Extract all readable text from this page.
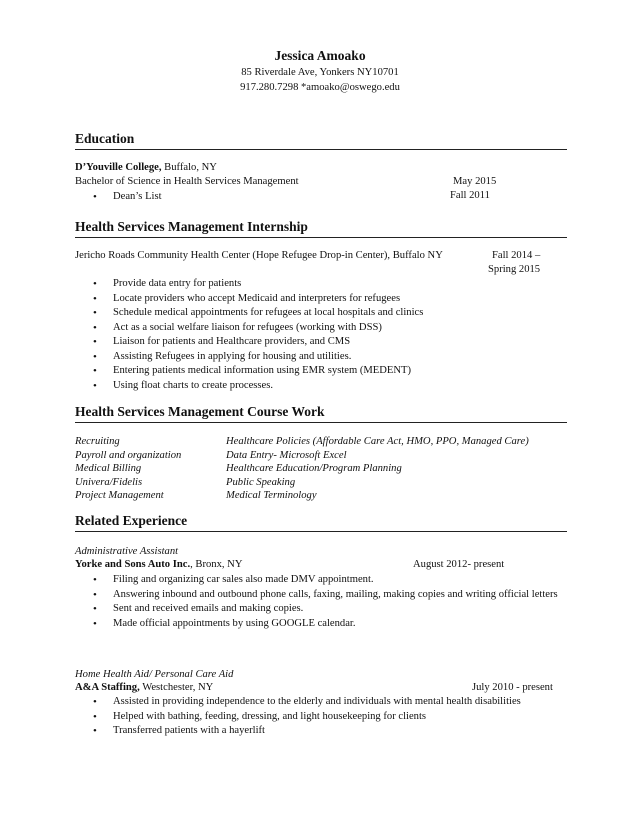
Jessica Amoako
85 Riverdale Ave, Yonkers NY10701
917.280.7298 *amoako@oswego.edu
Education
D’Youville College, Buffalo, NY
Bachelor of Science in Health Services Management	May 2015
• Dean’s List	Fall 2011
Health Services Management Internship
Jericho Roads Community Health Center (Hope Refugee Drop-in Center), Buffalo NY	Fall 2014 –
Spring 2015
• Provide data entry for patients
• Locate providers who accept Medicaid and interpreters for refugees
• Schedule medical appointments for refugees at local hospitals and clinics
• Act as a social welfare liaison for refugees (working with DSS)
• Liaison for patients and Healthcare providers, and CMS
• Assisting Refugees in applying for housing and utilities.
• Entering patients medical information using EMR system (MEDENT)
• Using float charts to create processes.
Health Services Management Course Work
Recruiting	Healthcare Policies (Affordable Care Act, HMO, PPO, Managed Care)
Payroll and organization	Data Entry- Microsoft Excel
Medical Billing	Healthcare Education/Program Planning
Univera/Fidelis	Public Speaking
Project Management	Medical Terminology
Related Experience
Administrative Assistant
Yorke and Sons Auto Inc., Bronx, NY	August 2012- present
• Filing and organizing car sales also made DMV appointment.
• Answering inbound and outbound phone calls, faxing, mailing, making copies and writing official letters
• Sent and received emails and making copies.
• Made official appointments by using GOOGLE calendar.
Home Health Aid/ Personal Care Aid
A&A Staffing, Westchester, NY	July 2010 - present
• Assisted in providing independence to the elderly and individuals with mental health disabilities
• Helped with bathing, feeding, dressing, and light housekeeping for clients
• Transferred patients with a hayerlift
